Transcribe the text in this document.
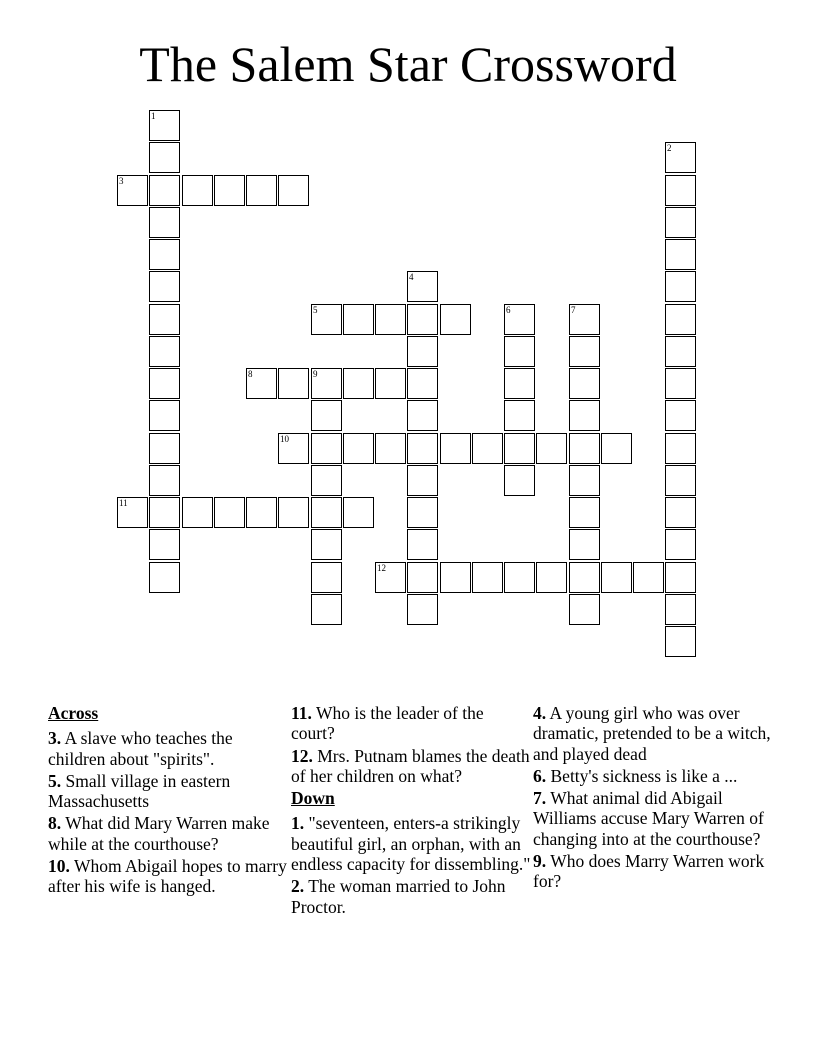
The Salem Star Crossword
1
2
3
4
5	6	7
8	9
10
11
12
Across
3. A slave who teaches the children about "spirits".
5. Small village in eastern Massachusetts
8. What did Mary Warren make while at the courthouse?
10. Whom Abigail hopes to marry after his wife is hanged.
11. Who is the leader of the court?
12. Mrs. Putnam blames the death of her children on what?
Down
1. "seventeen, enters-a strikingly beautiful girl, an orphan, with an endless capacity for dissembling."
2. The woman married to John Proctor.
4. A young girl who was over dramatic, pretended to be a witch, and played dead
6. Betty's sickness is like a ...
7. What animal did Abigail Williams accuse Mary Warren of changing into at the courthouse?
9. Who does Marry Warren work for?
